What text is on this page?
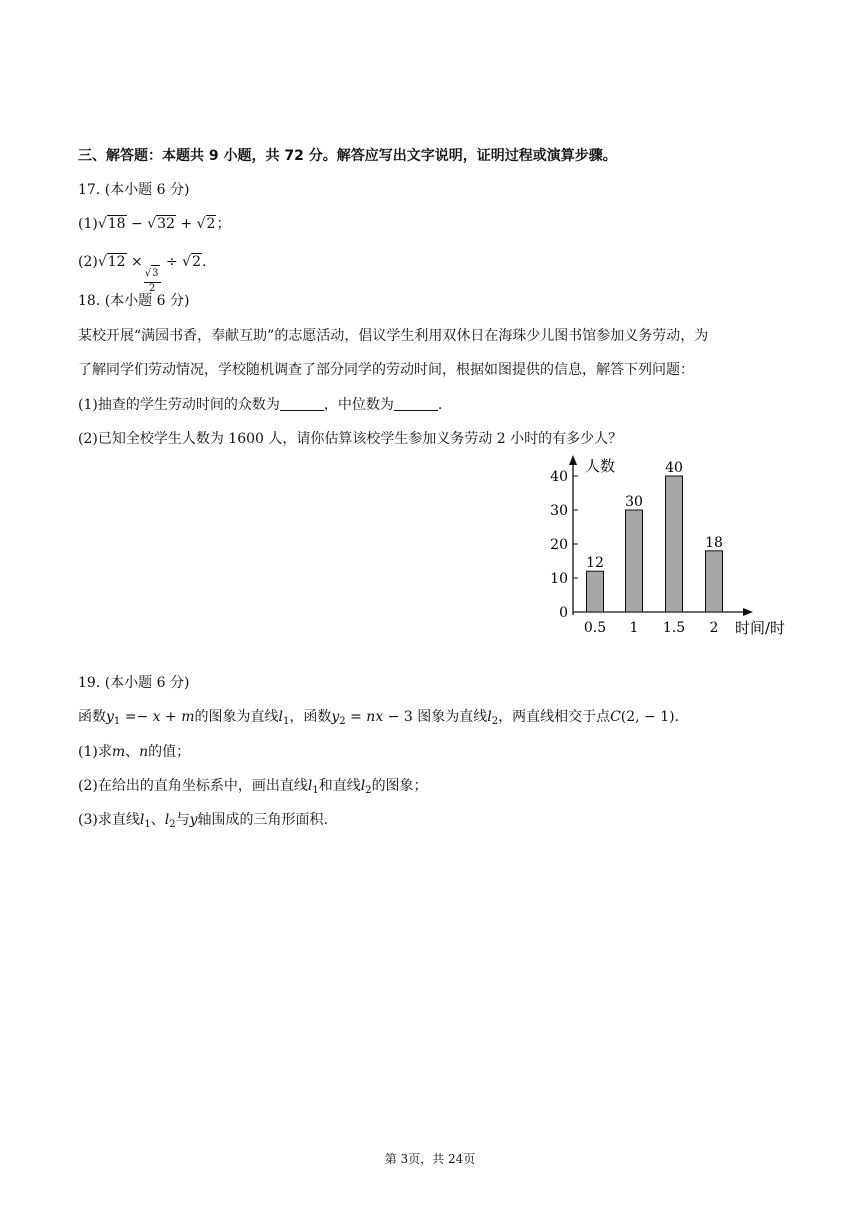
三、解答题：本题共 9 小题，共 72 分。解答应写出文字说明，证明过程或演算步骤。
17. (本小题 6 分)
(1)√18 − √32 + √2；
(2)√12 ×
$\frac{√3}{2}$
÷ √2.
18. (本小题 6 分)
某校开展“满园书香，奉献互助”的志愿活动，倡议学生利用双休日在海珠少儿图书馆参加义务劳动，为
了解同学们劳动情况，学校随机调查了部分同学的劳动时间，根据如图提供的信息，解答下列问题：
(1)抽查的学生劳动时间的众数为	，中位数为	.
(2)已知全校学生人数为 1600 人，请你估算该校学生参加义务劳动 2 小时的有多少人？
人数
时间/时
0
10
20
30
40
12
0.5
30
1
40
1.5
18
2
19. (本小题 6 分)
函数$y_1 =- x + m$的图象为直线$l_1$，函数$y_2$ = nx − 3 图象为直线$l_2$，两直线相交于点C(2, − 1).
(1)求m、n的值；
(2)在给出的直角坐标系中，画出直线$l_1$和直线$l_2$的图象；
(3)求直线$l_1$、$l_2$与y轴围成的三角形面积.
第 3页，共 24页
